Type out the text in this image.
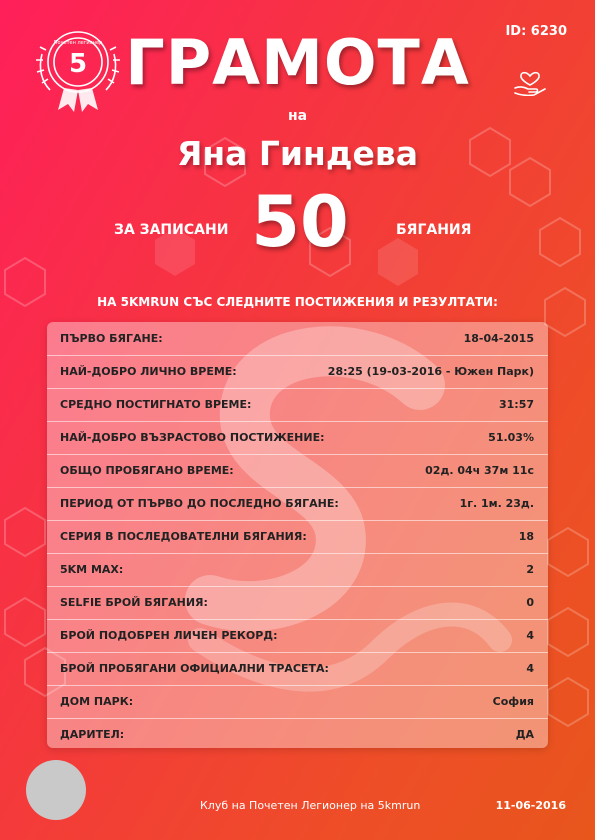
5
Почетен легионер
ID: 6230
ГРАМОТА
на
Яна Гиндева
ЗА ЗАПИСАНИ 50	БЯГАНИЯ
НА 5KMRUN СЪС СЛЕДНИТЕ ПОСТИЖЕНИЯ И РЕЗУЛТАТИ:
ПЪРВО БЯГАНЕ:	18-04-2015
НАЙ-ДОБРО ЛИЧНО ВРЕМЕ:	28:25 (19-03-2016 - Южен Парк)
СРЕДНО ПОСТИГНАТО ВРЕМЕ:	31:57
НАЙ-ДОБРО ВЪЗРАСТОВО ПОСТИЖЕНИЕ:	51.03%
ОБЩО ПРОБЯГАНО ВРЕМЕ:	02д. 04ч 37м 11с
ПЕРИОД ОТ ПЪРВО ДО ПОСЛЕДНО БЯГАНЕ:	1г. 1м. 23д.
СЕРИЯ В ПОСЛЕДОВАТЕЛНИ БЯГАНИЯ:	18
5KM MAX:	2
SELFIE БРОЙ БЯГАНИЯ:	0
БРОЙ ПОДОБРЕН ЛИЧЕН РЕКОРД:	4
БРОЙ ПРОБЯГАНИ ОФИЦИАЛНИ ТРАСЕТА:	4
ДОМ ПАРК:	София
ДАРИТЕЛ:	ДА
Клуб на Почетен Легионер на 5kmrun	11-06-2016
